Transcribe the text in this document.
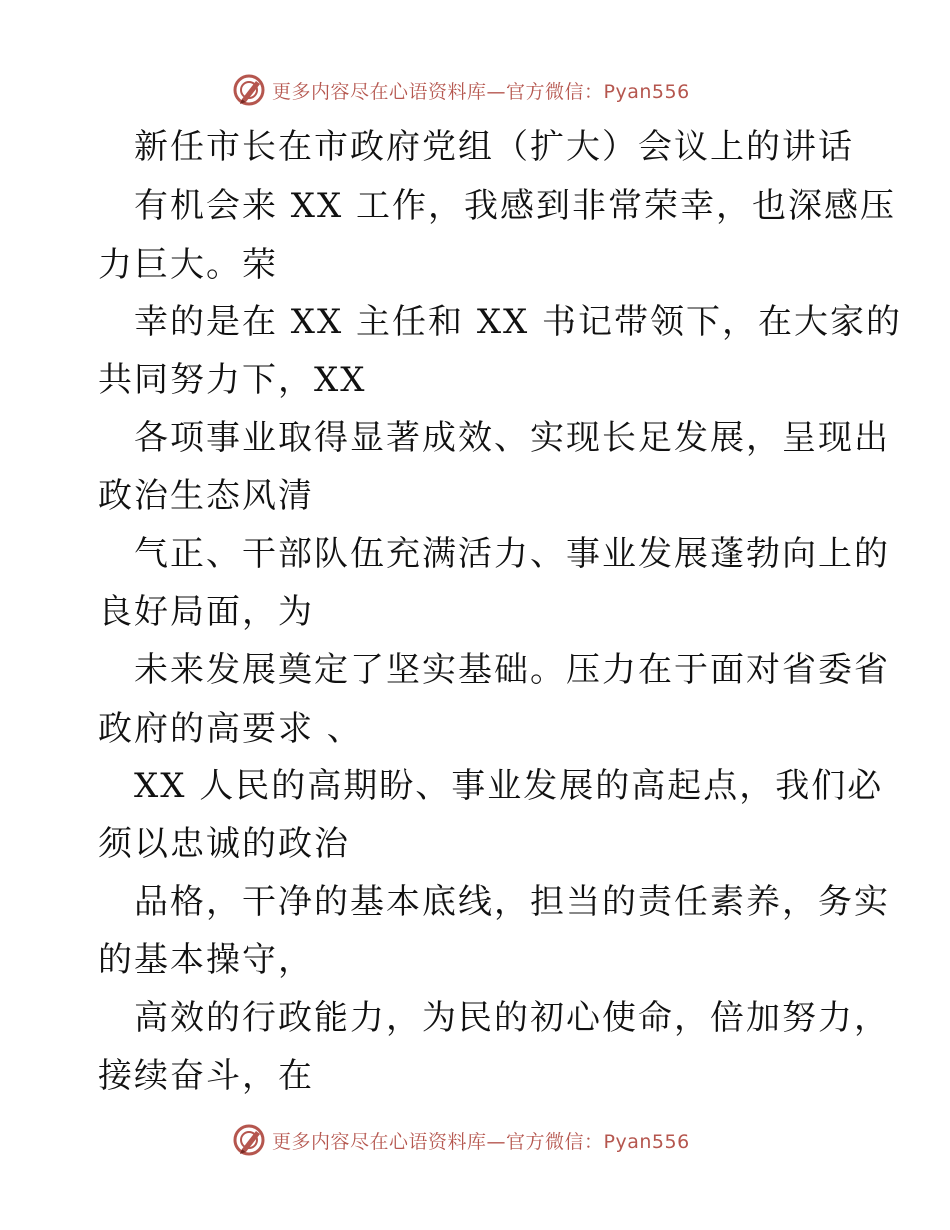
更多内容尽在心语资料库—官方微信：Pyan556
新任市长在市政府党组（扩大）会议上的讲话
有机会来 XX 工作，我感到非常荣幸，也深感压
力巨大。荣
幸的是在 XX 主任和 XX 书记带领下，在大家的
共同努力下，XX
各项事业取得显著成效、实现长足发展，呈现出
政治生态风清
气正、干部队伍充满活力、事业发展蓬勃向上的
良好局面，为
未来发展奠定了坚实基础。压力在于面对省委省
政府的高要求 、
XX 人民的高期盼、事业发展的高起点，我们必
须以忠诚的政治
品格，干净的基本底线，担当的责任素养，务实
的基本操守，
高效的行政能力，为民的初心使命，倍加努力，
接续奋斗，在
更多内容尽在心语资料库—官方微信：Pyan556
